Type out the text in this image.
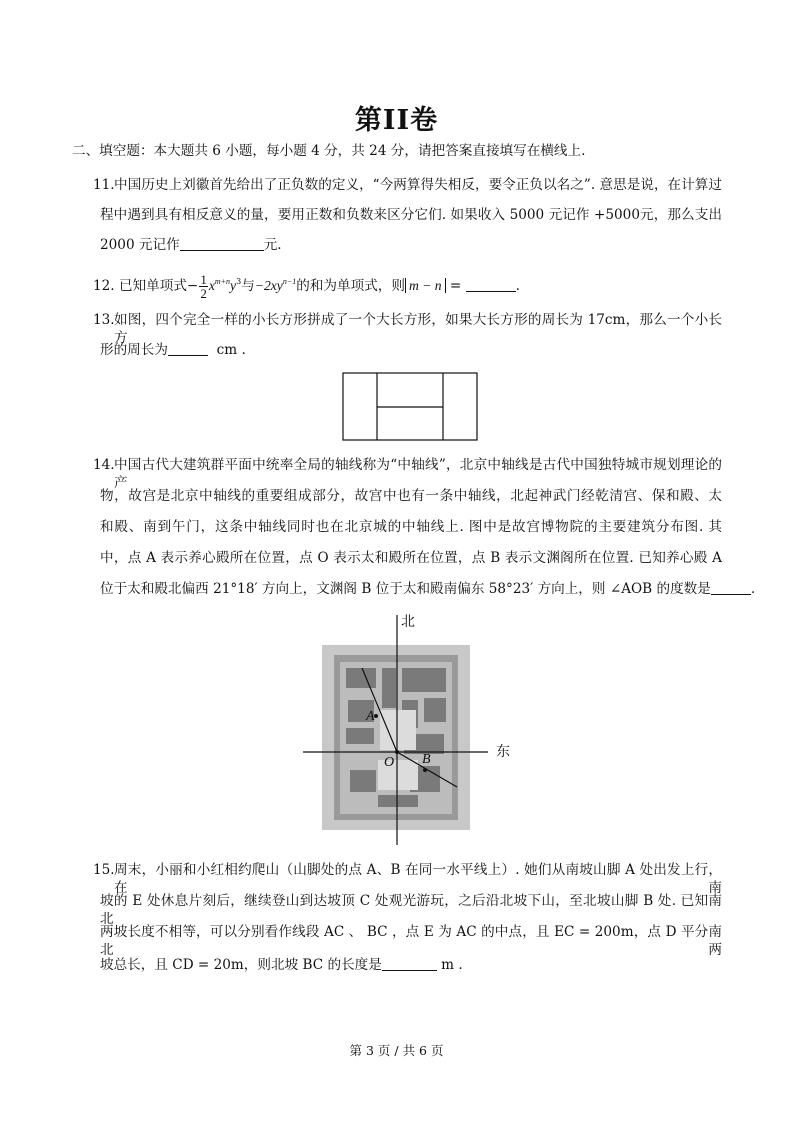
第II卷
二、填空题：本大题共 6 小题，每小题 4 分，共 24 分，请把答案直接填写在横线上.
11. 中国历史上刘徽首先给出了正负数的定义，“今两算得失相反，要令正负以名之”. 意思是说，在计算过
程中遇到具有相反意义的量，要用正数和负数来区分它们. 如果收入 5000 元记作 +5000元，那么支出
2000 元记作	元.
12. 已知单项式− $\frac{1}{2} x^{m+n}y^3$与$-2xy^{n-1}$的和为单项式，则 m − n =	.
13. 如图，四个完全一样的小长方形拼成了一个大长方形，如果大长方形的周长为 17cm，那么一个小长方
形的周长为	cm .
14. 中国古代大建筑群平面中统率全局的轴线称为“中轴线”，北京中轴线是古代中国独特城市规划理论的产
物，故宫是北京中轴线的重要组成部分，故宫中也有一条中轴线，北起神武门经乾清宫、保和殿、太
和殿、南到午门，这条中轴线同时也在北京城的中轴线上. 图中是故宫博物院的主要建筑分布图. 其
中，点 A 表示养心殿所在位置，点 O 表示太和殿所在位置，点 B 表示文渊阁所在位置. 已知养心殿 A
位于太和殿北偏西 21°18′ 方向上，文渊阁 B 位于太和殿南偏东 58°23′ 方向上，则 ∠AOB 的度数是	.
北
东
A
O B
15. 周末，小丽和小红相约爬山（山脚处的点 A、B 在同一水平线上）. 她们从南坡山脚 A 处出发上行，在南
坡的 E 处休息片刻后，继续登山到达坡顶 C 处观光游玩，之后沿北坡下山，至北坡山脚 B 处. 已知南北
两坡长度不相等，可以分别看作线段 AC 、 BC ，点 E 为 AC 的中点，且 EC = 200m，点 D 平分南北两
坡总长，且 CD = 20m，则北坡 BC 的长度是	m .
第 3 页 / 共 6 页
